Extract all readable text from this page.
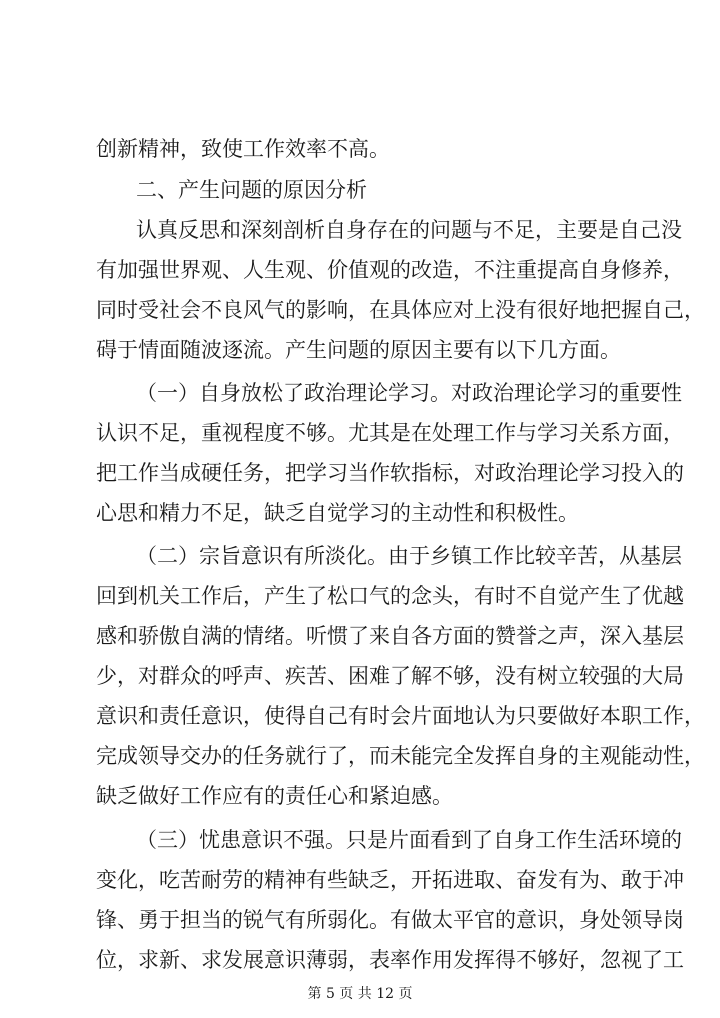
创新精神，致使工作效率不高。
二、产生问题的原因分析
认真反思和深刻剖析自身存在的问题与不足，主要是自己没
有加强世界观、人生观、价值观的改造，不注重提高自身修养，
同时受社会不良风气的影响，在具体应对上没有很好地把握自己，
碍于情面随波逐流。产生问题的原因主要有以下几方面。
（一）自身放松了政治理论学习。对政治理论学习的重要性
认识不足，重视程度不够。尤其是在处理工作与学习关系方面，
把工作当成硬任务，把学习当作软指标，对政治理论学习投入的
心思和精力不足，缺乏自觉学习的主动性和积极性。
（二）宗旨意识有所淡化。由于乡镇工作比较辛苦，从基层
回到机关工作后，产生了松口气的念头，有时不自觉产生了优越
感和骄傲自满的情绪。听惯了来自各方面的赞誉之声，深入基层
少，对群众的呼声、疾苦、困难了解不够，没有树立较强的大局
意识和责任意识，使得自己有时会片面地认为只要做好本职工作，
完成领导交办的任务就行了，而未能完全发挥自身的主观能动性，
缺乏做好工作应有的责任心和紧迫感。
（三）忧患意识不强。只是片面看到了自身工作生活环境的
变化，吃苦耐劳的精神有些缺乏，开拓进取、奋发有为、敢于冲
锋、勇于担当的锐气有所弱化。有做太平官的意识，身处领导岗
位，求新、求发展意识薄弱，表率作用发挥得不够好，忽视了工
第 5 页 共 12 页
